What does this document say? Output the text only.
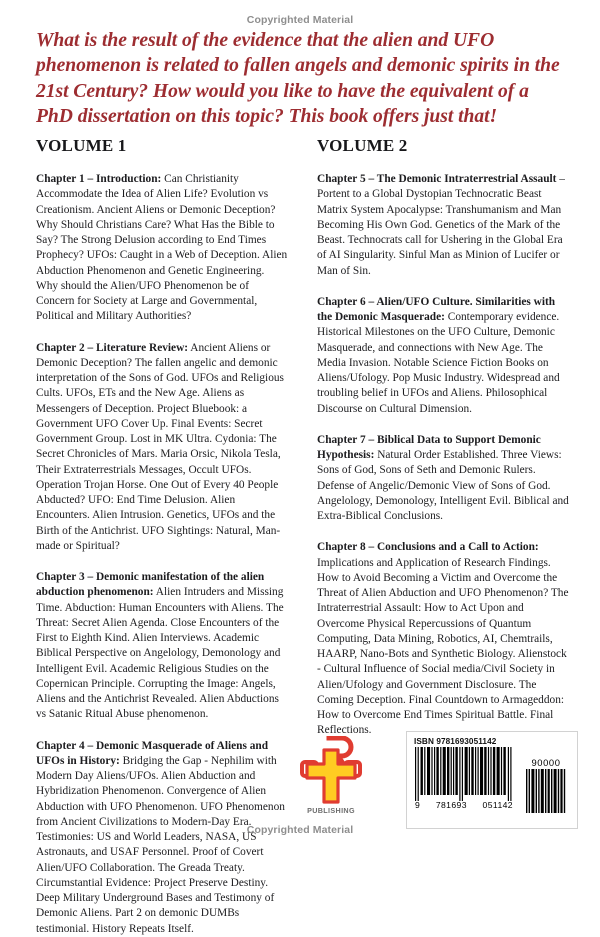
Copyrighted Material
What is the result of the evidence that the alien and UFO phenomenon is related to fallen angels and demonic spirits in the 21st Century? How would you like to have the equivalent of a PhD dissertation on this topic? This book offers just that!
VOLUME 1

Chapter 1 – Introduction: Can Christianity Accommodate the Idea of Alien Life? Evolution vs Creationism. Ancient Aliens or Demonic Deception? Why Should Christians Care? What Has the Bible to Say? The Strong Delusion according to End Times Prophecy? UFOs: Caught in a Web of Deception. Alien Abduction Phenomenon and Genetic Engineering. Why should the Alien/UFO Phenomenon be of Concern for Society at Large and Governmental, Political and Military Authorities?

Chapter 2 – Literature Review: Ancient Aliens or Demonic Deception? The fallen angelic and demonic interpretation of the Sons of God. UFOs and Religious Cults. UFOs, ETs and the New Age. Aliens as Messengers of Deception. Project Bluebook: a Government UFO Cover Up. Final Events: Secret Government Group. Lost in MK Ultra. Cydonia: The Secret Chronicles of Mars. Maria Orsic, Nikola Tesla, Their Extraterrestrials Messages, Occult UFOs. Operation Trojan Horse. One Out of Every 40 People Abducted? UFO: End Time Delusion. Alien Encounters. Alien Intrusion. Genetics, UFOs and the Birth of the Antichrist. UFO Sightings: Natural, Man-made or Spiritual?

Chapter 3 – Demonic manifestation of the alien abduction phenomenon: Alien Intruders and Missing Time. Abduction: Human Encounters with Aliens. The Threat: Secret Alien Agenda. Close Encounters of the First to Eighth Kind. Alien Interviews. Academic Biblical Perspective on Angelology, Demonology and Intelligent Evil. Academic Religious Studies on the Copernican Principle. Corrupting the Image: Angels, Aliens and the Antichrist Revealed. Alien Abductions vs Satanic Ritual Abuse phenomenon.

Chapter 4 – Demonic Masquerade of Aliens and UFOs in History: Bridging the Gap - Nephilim with Modern Day Aliens/UFOs. Alien Abduction and Hybridization Phenomenon. Convergence of Alien Abduction with UFO Phenomenon. UFO Phenomenon from Ancient Civilizations to Modern-Day Era. Testimonies: US and World Leaders, NASA, US Astronauts, and USAF Personnel. Proof of Covert Alien/UFO Collaboration. The Greada Treaty. Circumstantial Evidence: Project Preserve Destiny. Deep Military Underground Bases and Testimony of Demonic Aliens. Part 2 on demonic DUMBs testimonial. History Repeats Itself.

VOLUME 2

Chapter 5 – The Demonic Intraterrestrial Assault – Portent to a Global Dystopian Technocratic Beast Matrix System Apocalypse: Transhumanism and Man Becoming His Own God. Genetics of the Mark of the Beast. Technocrats call for Ushering in the Global Era of AI Singularity. Sinful Man as Minion of Lucifer or Man of Sin.

Chapter 6 – Alien/UFO Culture. Similarities with the Demonic Masquerade: Contemporary evidence. Historical Milestones on the UFO Culture, Demonic Masquerade, and connections with New Age. The Media Invasion. Notable Science Fiction Books on Aliens/Ufology. Pop Music Industry. Widespread and troubling belief in UFOs and Aliens. Philosophical Discourse on Cultural Dimension.

Chapter 7 – Biblical Data to Support Demonic Hypothesis: Natural Order Established. Three Views: Sons of God, Sons of Seth and Demonic Rulers. Defense of Angelic/Demonic View of Sons of God. Angelology, Demonology, Intelligent Evil. Biblical and Extra-Biblical Conclusions.

Chapter 8 – Conclusions and a Call to Action: Implications and Application of Research Findings. How to Avoid Becoming a Victim and Overcome the Threat of Alien Abduction and UFO Phenomenon? The Intraterrestrial Assault: How to Act Upon and Overcome Physical Repercussions of Quantum Computing, Data Mining, Robotics, AI, Chemtrails, HAARP, Nano-Bots and Synthetic Biology. Alienstock - Cultural Influence of Social media/Civil Society in Alien/Ufology and Government Disclosure. The Coming Deception. Final Countdown to Armageddon: How to Overcome End Times Spiritual Battle. Final Reflections.

PUBLISHING
ISBN 9781693051142
9 781693 051142
90000
Copyrighted Material
